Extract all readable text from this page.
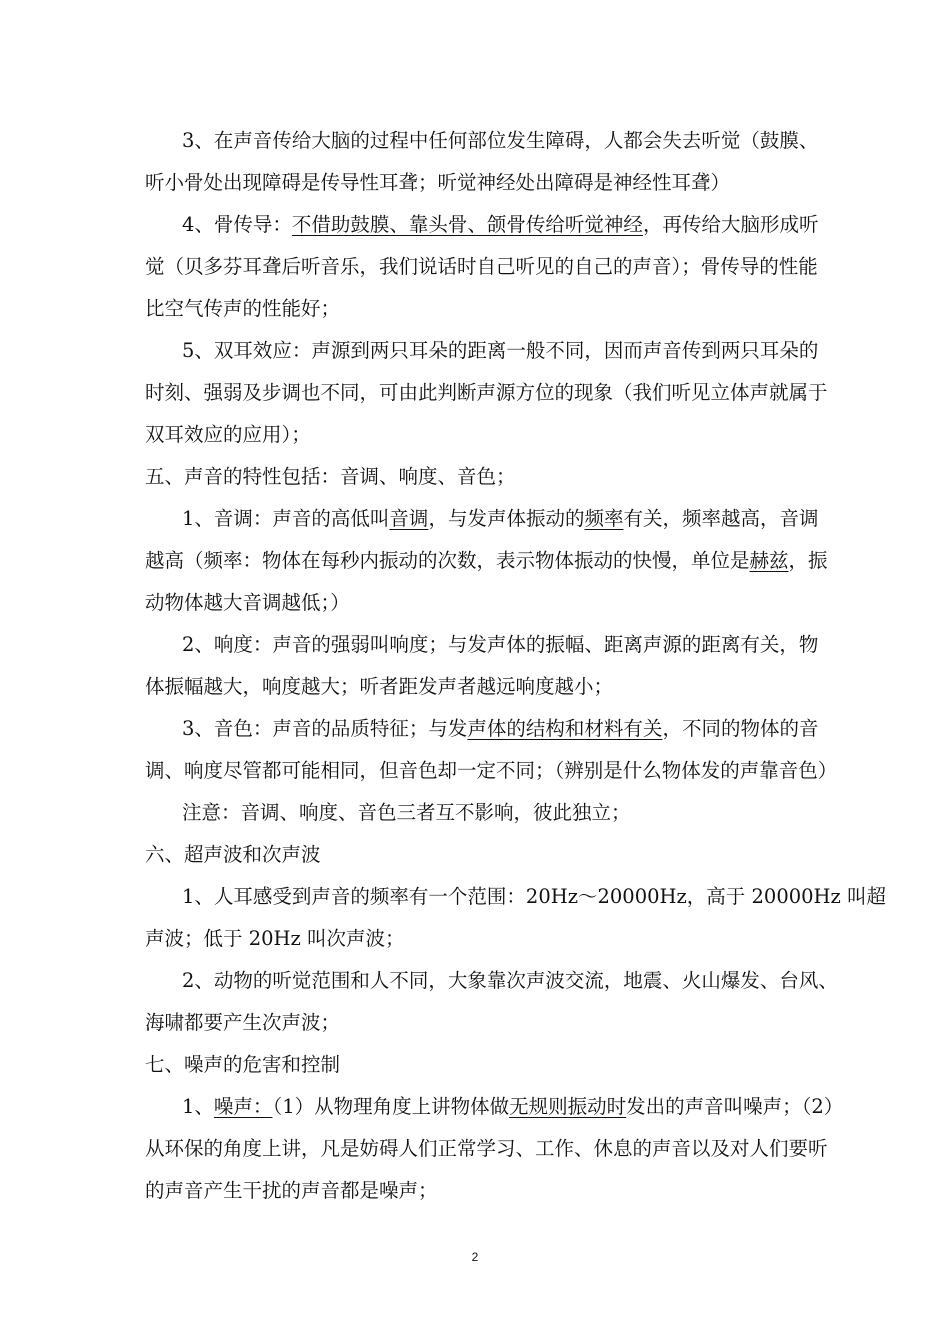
3、在声音传给大脑的过程中任何部位发生障碍，人都会失去听觉（鼓膜、
听小骨处出现障碍是传导性耳聋；听觉神经处出障碍是神经性耳聋）
4、骨传导：不借助鼓膜、靠头骨、颌骨传给听觉神经，再传给大脑形成听
觉（贝多芬耳聋后听音乐，我们说话时自己听见的自己的声音）；骨传导的性能
比空气传声的性能好；
5、双耳效应：声源到两只耳朵的距离一般不同，因而声音传到两只耳朵的
时刻、强弱及步调也不同，可由此判断声源方位的现象（我们听见立体声就属于
双耳效应的应用）；
五、声音的特性包括：音调、响度、音色；
1、音调：声音的高低叫音调，与发声体振动的频率有关，频率越高，音调
越高（频率：物体在每秒内振动的次数，表示物体振动的快慢，单位是赫兹，振
动物体越大音调越低；）
2、响度：声音的强弱叫响度；与发声体的振幅、距离声源的距离有关，物
体振幅越大，响度越大；听者距发声者越远响度越小；
3、音色：声音的品质特征；与发声体的结构和材料有关，不同的物体的音
调、响度尽管都可能相同，但音色却一定不同；（辨别是什么物体发的声靠音色）
注意：音调、响度、音色三者互不影响，彼此独立；
六、超声波和次声波
1、人耳感受到声音的频率有一个范围：20Hz～20000Hz，高于 20000Hz 叫超
声波；低于 20Hz 叫次声波；
2、动物的听觉范围和人不同，大象靠次声波交流，地震、火山爆发、台风、
海啸都要产生次声波；
七、噪声的危害和控制
1、噪声：（1）从物理角度上讲物体做无规则振动时发出的声音叫噪声；（2）
从环保的角度上讲，凡是妨碍人们正常学习、工作、休息的声音以及对人们要听
的声音产生干扰的声音都是噪声；
2
